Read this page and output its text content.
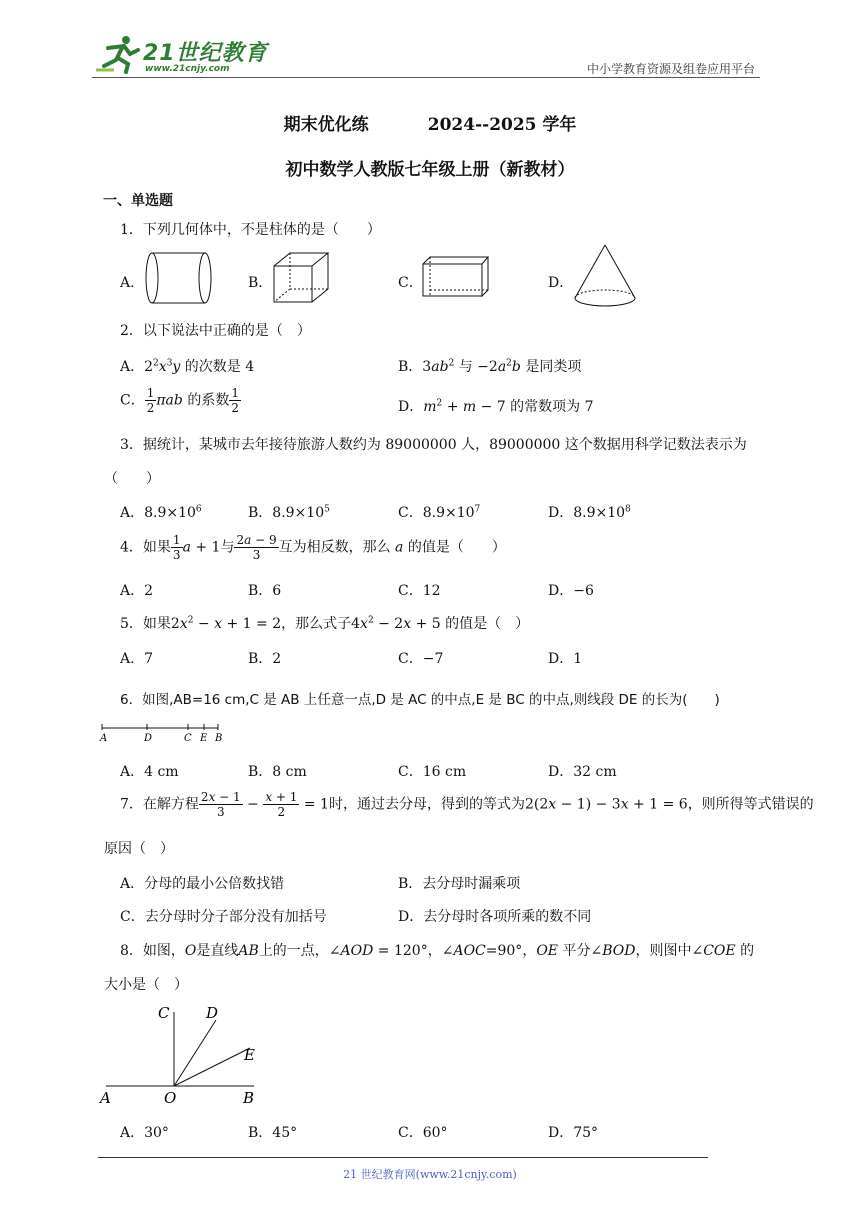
21世纪教育
www.21cnjy.com	中小学教育资源及组卷应用平台
期末优化练          2024--2025 学年
初中数学人教版七年级上册（新教材）
一、单选题
1．下列几何体中，不是柱体的是（　　）
A．	B．	C．	D．
2．以下说法中正确的是（　）
A．$2^2x^3y$ 的次数是 4	B．$3ab^2$ 与 $-2a^2b$ 是同类项
C． $\frac{1}{2}$ πab 的系数 $\frac{1}{2}$	D．$m^2 + m - 7$ 的常数项为 7
3．据统计，某城市去年接待旅游人数约为 89000000 人，89000000 这个数据用科学记数法表示为
（　　）
A．$8.9\times 10^6$	B．$8.9\times 10^5$	C．$8.9\times 10^7$	D．$8.9\times 10^8$
4．如果 $\frac{1}{3}$ a + 1与 $\frac{2a - 9}{3}$ 互为相反数，那么 a 的值是（　　）
A．2	B．6	C．12	D．−6
5．如果$2x^2 - x + 1 = 2$，那么式子$4x^2 - 2x + 5$ 的值是（　）
A．7	B．2	C．−7	D．1
6．如图,AB=16 cm,C 是 AB 上任意一点,D 是 AC 的中点,E 是 BC 的中点,则线段 DE 的长为(　　)
A	D	C E B
A．4 cm	B．8 cm	C．16 cm	D．32 cm
7．在解方程 $\frac{2x - 1}{3} - \frac{x + 1}{2} = 1$时，通过去分母，得到的等式为2(2x − 1) − 3x + 1 = 6，则所得等式错误的
原因（　）
A．分母的最小公倍数找错	B．去分母时漏乘项
C．去分母时分子部分没有加括号	D．去分母时各项所乘的数不同
8．如图，O是直线AB上的一点，∠AOD = 120°，∠AOC=90°，OE 平分∠BOD，则图中∠COE 的
大小是（　）
C D
E
A	O	B
A．30°	B．45°	C．60°	D．75°
21 世纪教育网(www.21cnjy.com)
